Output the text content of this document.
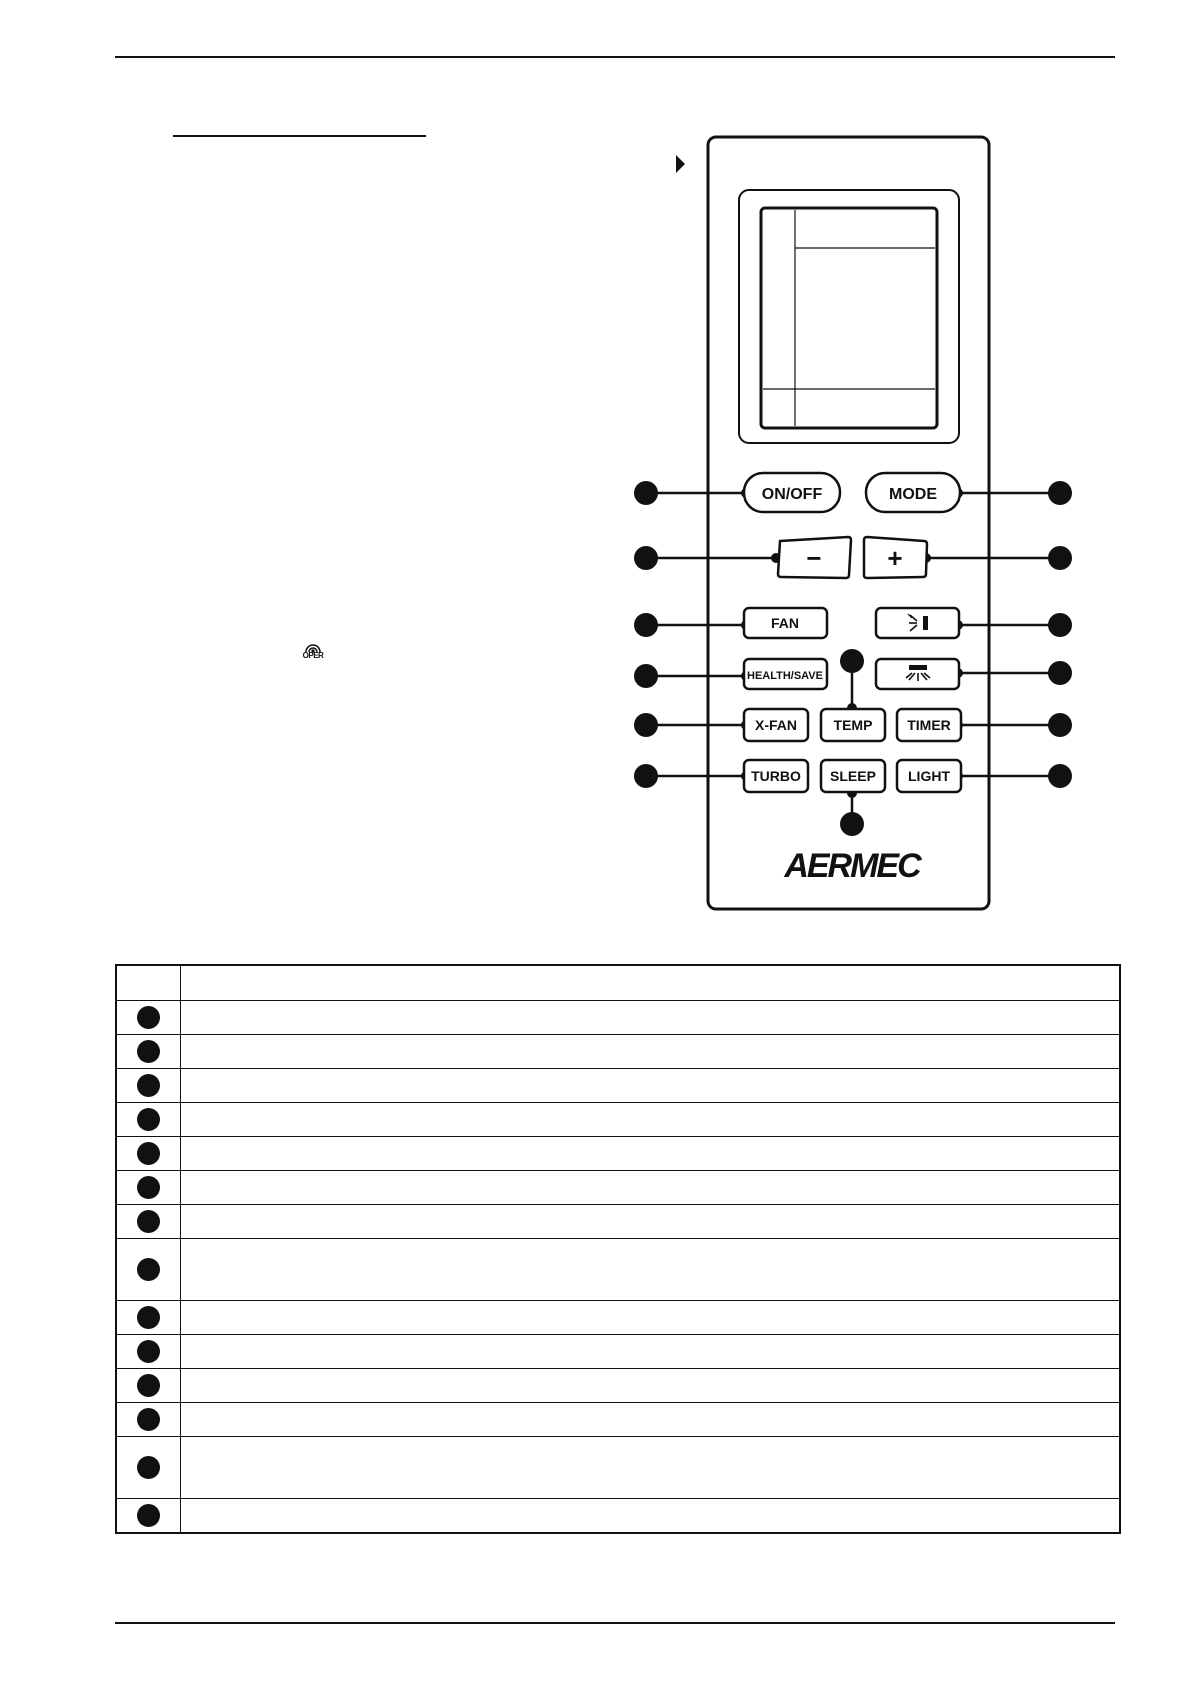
OPER
ON/OFF	MODE
−	+
FAN
HEALTH/SAVE
X-FAN	TEMP TIMER
TURBO SLEEP LIGHT
AERMEC
